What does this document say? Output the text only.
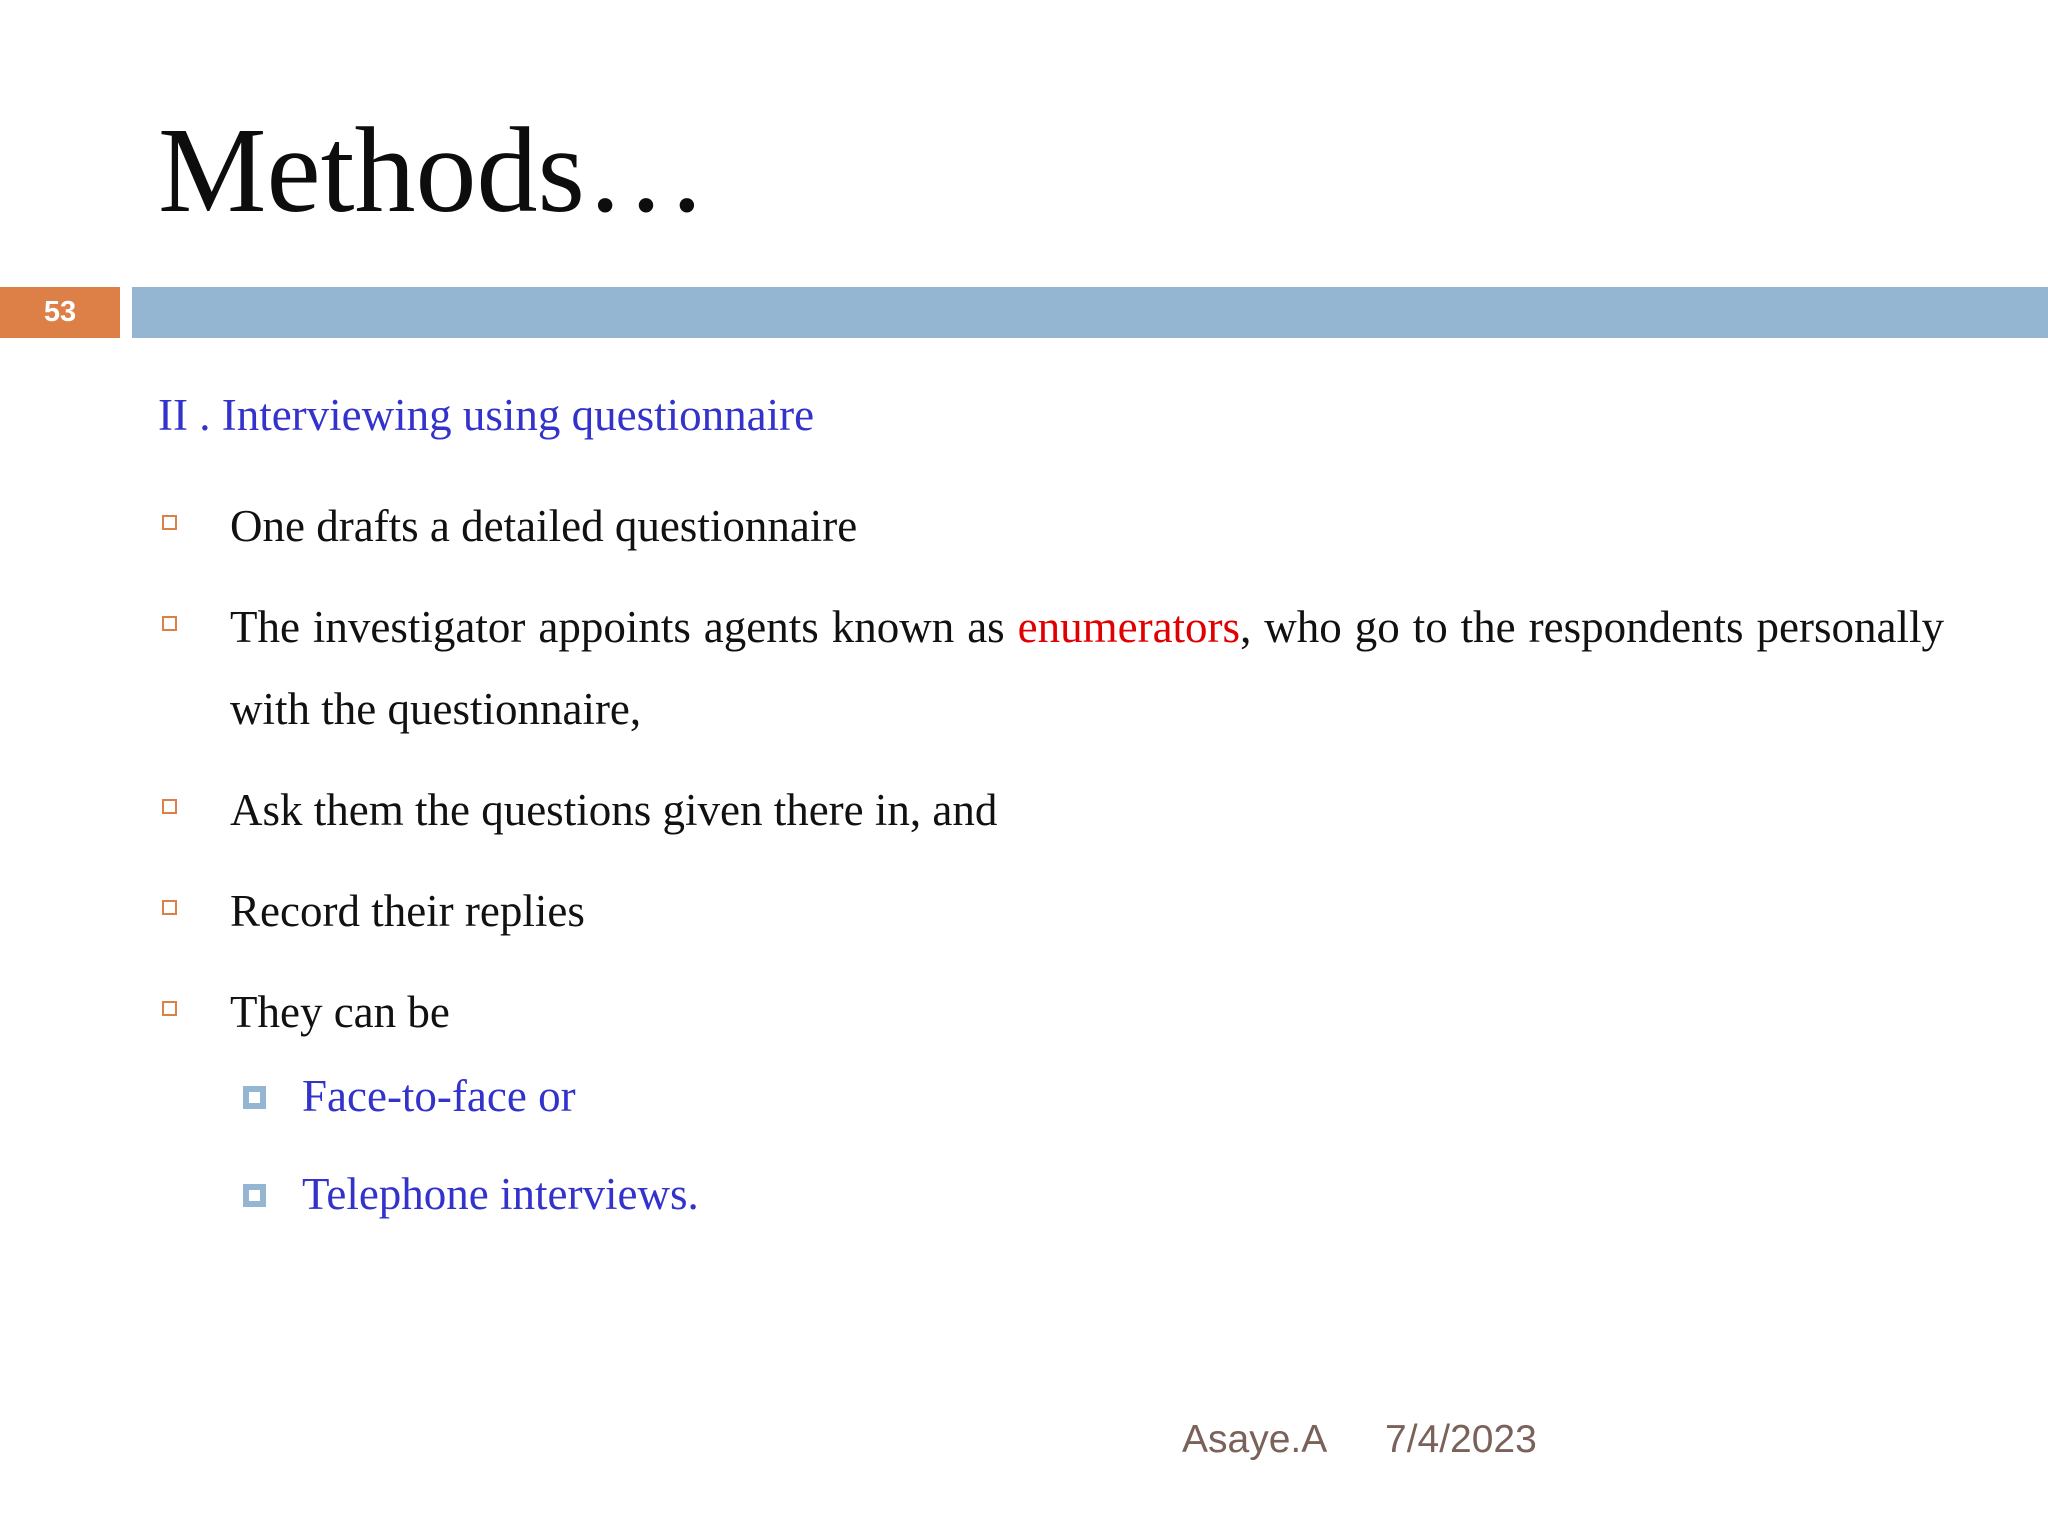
Methods…
53
II . Interviewing using questionnaire
One drafts a detailed questionnaire
The investigator appoints agents known as enumerators, who go to the respondents personally with the questionnaire,
Ask them the questions given there in, and
Record their replies
They can be
Face-to-face or
Telephone interviews.
Asaye.A 7/4/2023
